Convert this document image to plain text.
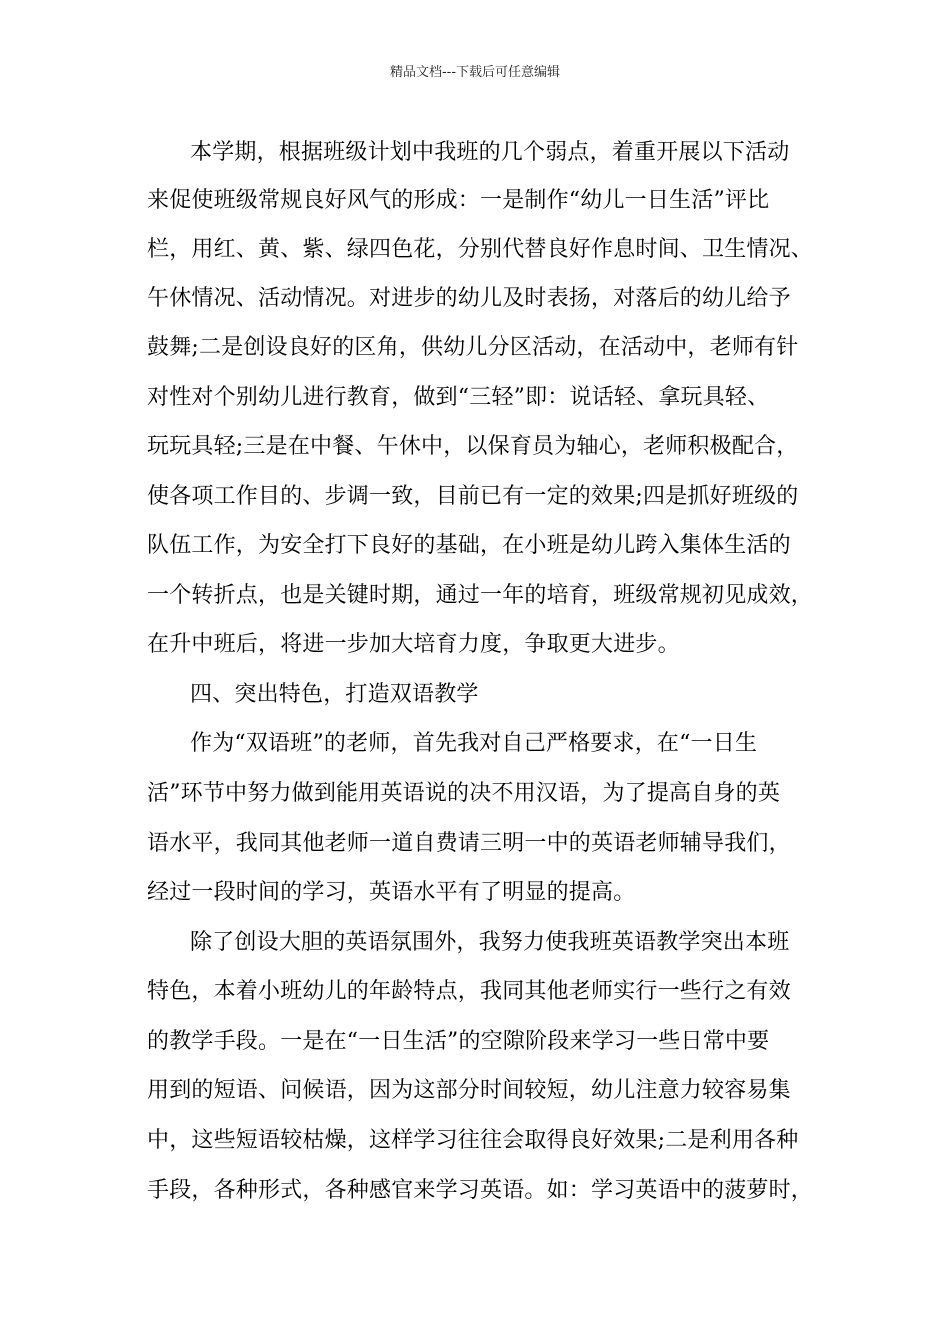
精品文档---下载后可任意编辑
本学期，根据班级计划中我班的几个弱点，着重开展以下活动
来促使班级常规良好风气的形成：一是制作“幼儿一日生活”评比
栏，用红、黄、紫、绿四色花，分别代替良好作息时间、卫生情况、
午休情况、活动情况。对进步的幼儿及时表扬，对落后的幼儿给予
鼓舞;二是创设良好的区角，供幼儿分区活动，在活动中，老师有针
对性对个别幼儿进行教育，做到“三轻”即：说话轻、拿玩具轻、
玩玩具轻;三是在中餐、午休中，以保育员为轴心，老师积极配合，
使各项工作目的、步调一致，目前已有一定的效果;四是抓好班级的
队伍工作，为安全打下良好的基础，在小班是幼儿跨入集体生活的
一个转折点，也是关键时期，通过一年的培育，班级常规初见成效，
在升中班后，将进一步加大培育力度，争取更大进步。
四、突出特色，打造双语教学
作为“双语班”的老师，首先我对自己严格要求，在“一日生
活”环节中努力做到能用英语说的决不用汉语，为了提高自身的英
语水平，我同其他老师一道自费请三明一中的英语老师辅导我们，
经过一段时间的学习，英语水平有了明显的提高。
除了创设大胆的英语氛围外，我努力使我班英语教学突出本班
特色，本着小班幼儿的年龄特点，我同其他老师实行一些行之有效
的教学手段。一是在“一日生活”的空隙阶段来学习一些日常中要
用到的短语、问候语，因为这部分时间较短，幼儿注意力较容易集
中，这些短语较枯燥，这样学习往往会取得良好效果;二是利用各种
手段，各种形式，各种感官来学习英语。如：学习英语中的菠萝时，
